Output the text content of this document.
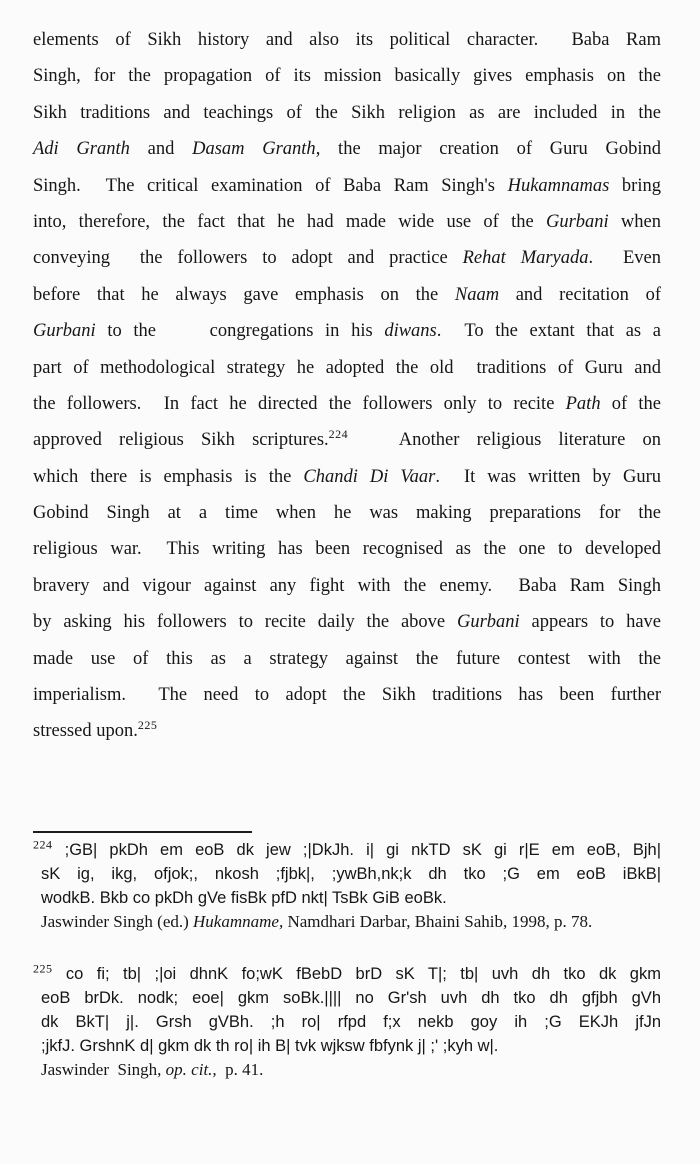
elements of Sikh history and also its political character.  Baba Ram
Singh, for the propagation of its mission basically gives emphasis on the
Sikh traditions and teachings of the Sikh religion as are included in the
Adi Granth and Dasam Granth, the major creation of Guru Gobind
Singh.  The critical examination of Baba Ram Singh's Hukamnamas bring
into, therefore, the fact that he had made wide use of the Gurbani when
conveying  the followers to adopt and practice Rehat Maryada.  Even
before that he always gave emphasis on the Naam and recitation of
Gurbani to the  congregations in his diwans.  To the extant that as a
part of methodological strategy he adopted the old  traditions of Guru and
the followers.  In fact he directed the followers only to recite Path of the
approved religious Sikh scriptures.$^{224}$   Another religious literature on
which there is emphasis is the Chandi Di Vaar.  It was written by Guru
Gobind Singh at a time when he was making preparations for the
religious war.  This writing has been recognised as the one to developed
bravery and vigour against any fight with the enemy.  Baba Ram Singh
by asking his followers to recite daily the above Gurbani appears to have
made use of this as a strategy against the future contest with the
imperialism.  The need to adopt the Sikh traditions has been further
stressed upon.$^{225}$
$^{224}$ ;GB| pkDh em eoB dk jew ;|DkJh. i| gi nkTD sK gi r|E em eoB, Bjh|
sK ig, ikg, ofjok;, nkosh ;fjbk|, ;ywBh,nk;k dh tko ;G em eoB iBkB|
wodkB. Bkb co pkDh gVe fisBk pfD nkt| TsBk GiB eoBk.
Jaswinder Singh (ed.) Hukamname, Namdhari Darbar, Bhaini Sahib, 1998, p. 78.
$^{225}$ co fi; tb| ;|oi dhnK fo;wK fBebD brD sK T|; tb| uvh dh tko dk gkm
eoB brDk. nodk; eoe| gkm soBk.|||| no Gr'sh uvh dh tko dh gfjbh gVh
dk BkT| j|. Grsh gVBh. ;h ro| rfpd f;x nekb goy ih ;G EKJh jfJn
;jkfJ. GrshnK d| gkm dk th ro| ih B| tvk wjksw fbfynk j| ;' ;kyh w|.
Jaswinder  Singh, op. cit.,  p. 41.
